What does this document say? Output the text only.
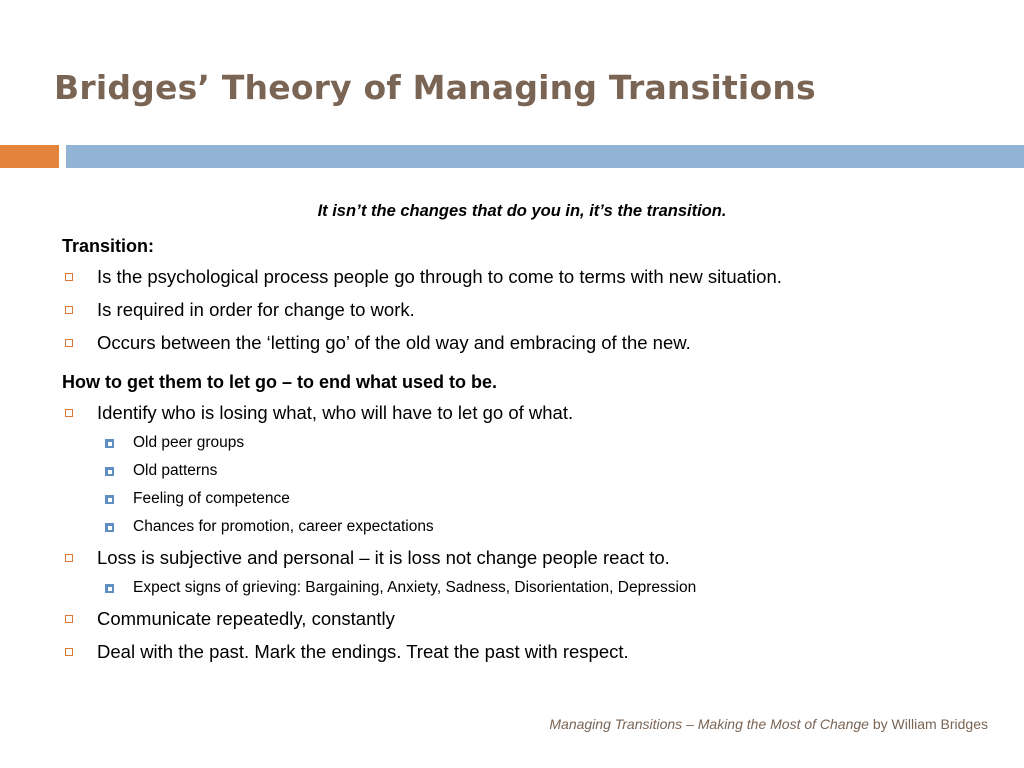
Bridges’ Theory of Managing Transitions
It isn’t the changes that do you in, it’s the transition.
Transition:
Is the psychological process people go through to come to terms with new situation.
Is required in order for change to work.
Occurs between the ‘letting go’ of the old way and embracing of the new.
How to get them to let go – to end what used to be.
Identify who is losing what, who will have to let go of what.
Old peer groups
Old patterns
Feeling of competence
Chances for promotion, career expectations
Loss is subjective and personal – it is loss not change people react to.
Expect signs of grieving: Bargaining, Anxiety, Sadness, Disorientation, Depression
Communicate repeatedly, constantly
Deal with the past. Mark the endings. Treat the past with respect.
Managing Transitions – Making the Most of Change by William Bridges
